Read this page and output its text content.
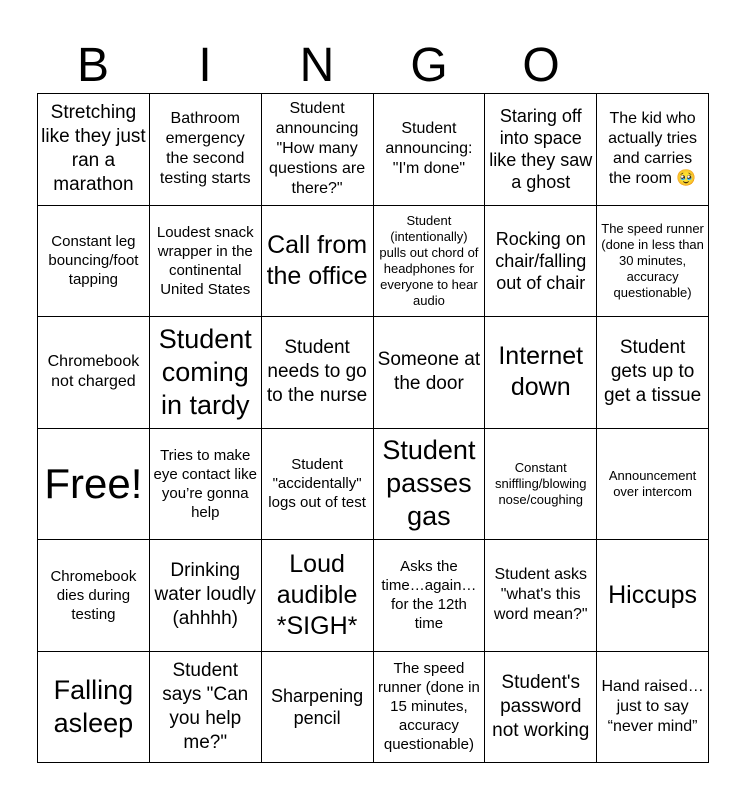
B	I	N	G	O
Stretching like they just ran a marathon
Bathroom emergency the second testing starts
Student announcing "How many questions are there?"
Student announcing: "I'm done"
Staring off into space like they saw a ghost
The kid who actually tries and carries the room 🥹
Constant leg bouncing/foot tapping
Loudest snack wrapper in the continental United States
Call from the office
Student (intentionally) pulls out chord of headphones for everyone to hear audio
Rocking on chair/falling out of chair
The speed runner (done in less than 30 minutes, accuracy questionable)
Chromebook not charged
Student coming in tardy
Student needs to go to the nurse
Someone at the door
Internet down
Student gets up to get a tissue
Free!
Tries to make eye contact like you’re gonna help
Student "accidentally" logs out of test
Student passes gas
Constant sniffling/blowing nose/coughing
Announcement over intercom
Chromebook dies during testing
Drinking water loudly (ahhhh)
Loud audible *SIGH*
Asks the time…again…for the 12th time
Student asks "what's this word mean?"
Hiccups
Falling asleep
Student says "Can you help me?"
Sharpening pencil
The speed runner (done in 15 minutes, accuracy questionable)
Student's password not working
Hand raised…just to say “never mind”
